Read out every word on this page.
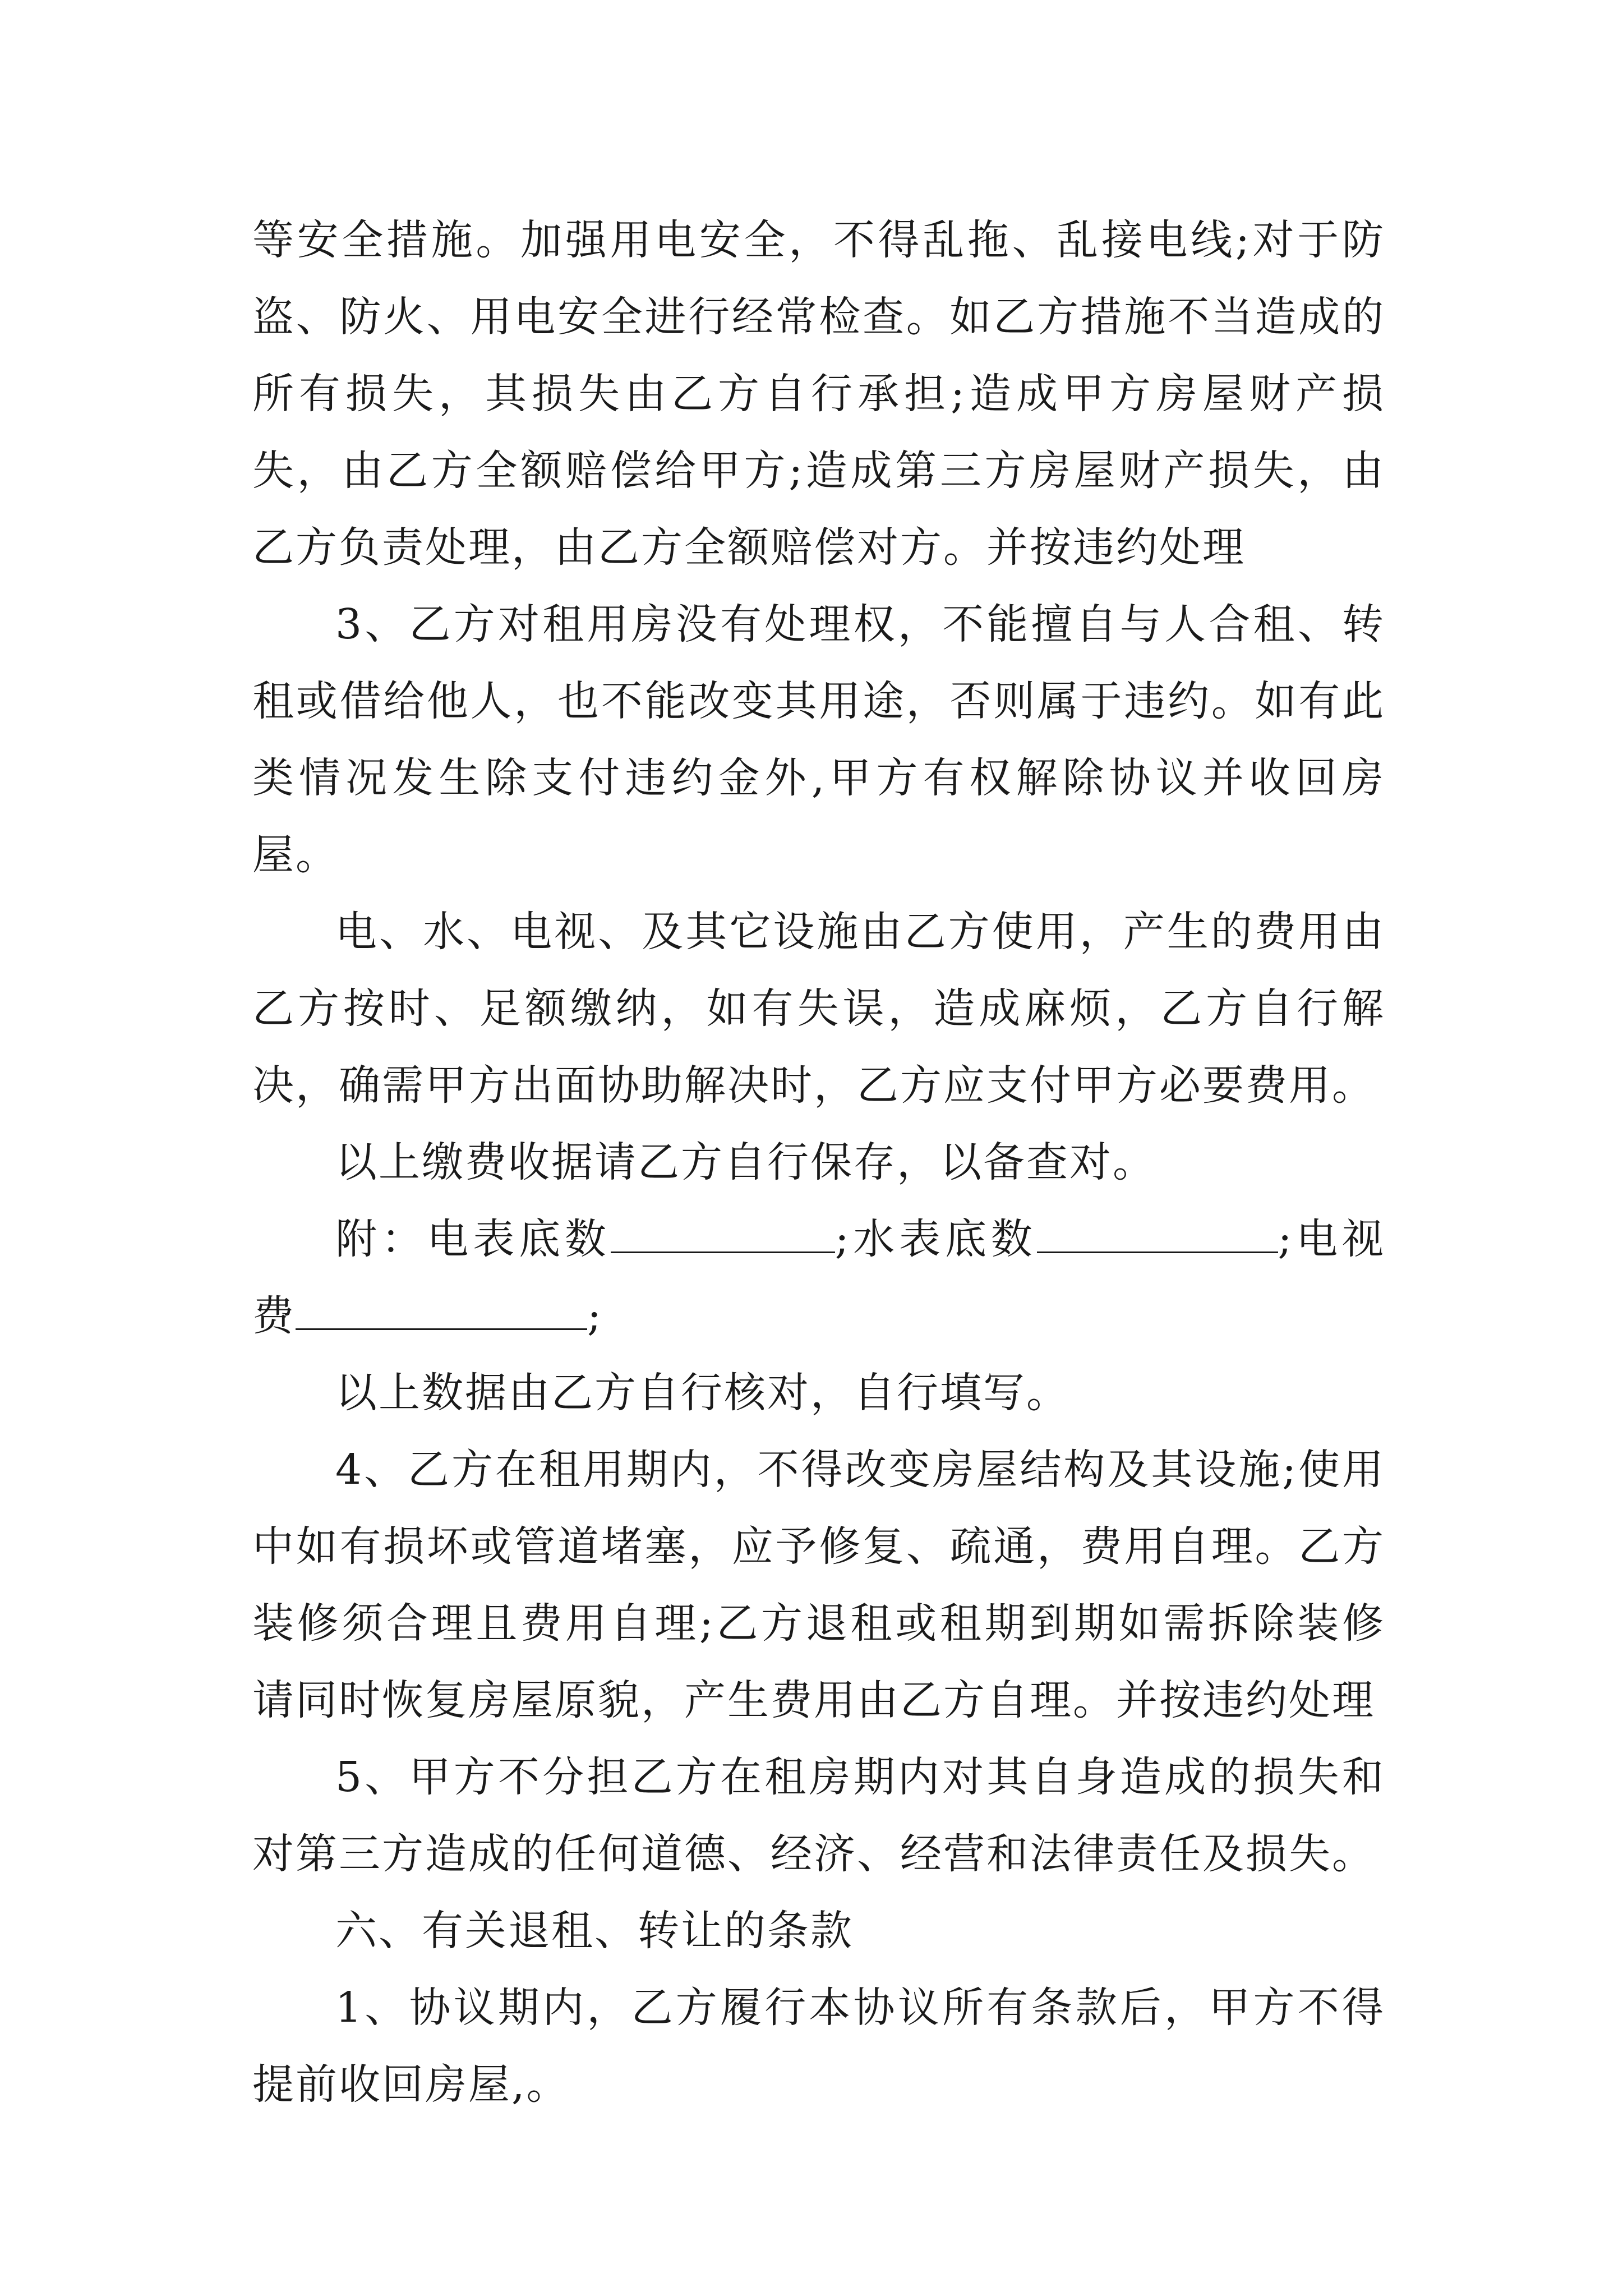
等安全措施。加强用电安全，不得乱拖、乱接电线;对于防盗、防火、用电安全进行经常检查。如乙方措施不当造成的所有损失，其损失由乙方自行承担;造成甲方房屋财产损失，由乙方全额赔偿给甲方;造成第三方房屋财产损失，由乙方负责处理，由乙方全额赔偿对方。并按违约处理

3、乙方对租用房没有处理权，不能擅自与人合租、转租或借给他人，也不能改变其用途，否则属于违约。如有此类情况发生除支付违约金外,甲方有权解除协议并收回房屋。

电、水、电视、及其它设施由乙方使用，产生的费用由乙方按时、足额缴纳，如有失误，造成麻烦，乙方自行解决，确需甲方出面协助解决时，乙方应支付甲方必要费用。

以上缴费收据请乙方自行保存，以备查对。

附：电表底数	;水表底数	;电视费	;

以上数据由乙方自行核对，自行填写。

4、乙方在租用期内，不得改变房屋结构及其设施;使用中如有损坏或管道堵塞，应予修复、疏通，费用自理。乙方装修须合理且费用自理;乙方退租或租期到期如需拆除装修请同时恢复房屋原貌，产生费用由乙方自理。并按违约处理

5、甲方不分担乙方在租房期内对其自身造成的损失和对第三方造成的任何道德、经济、经营和法律责任及损失。

六、有关退租、转让的条款

1、协议期内，乙方履行本协议所有条款后，甲方不得提前收回房屋,。
